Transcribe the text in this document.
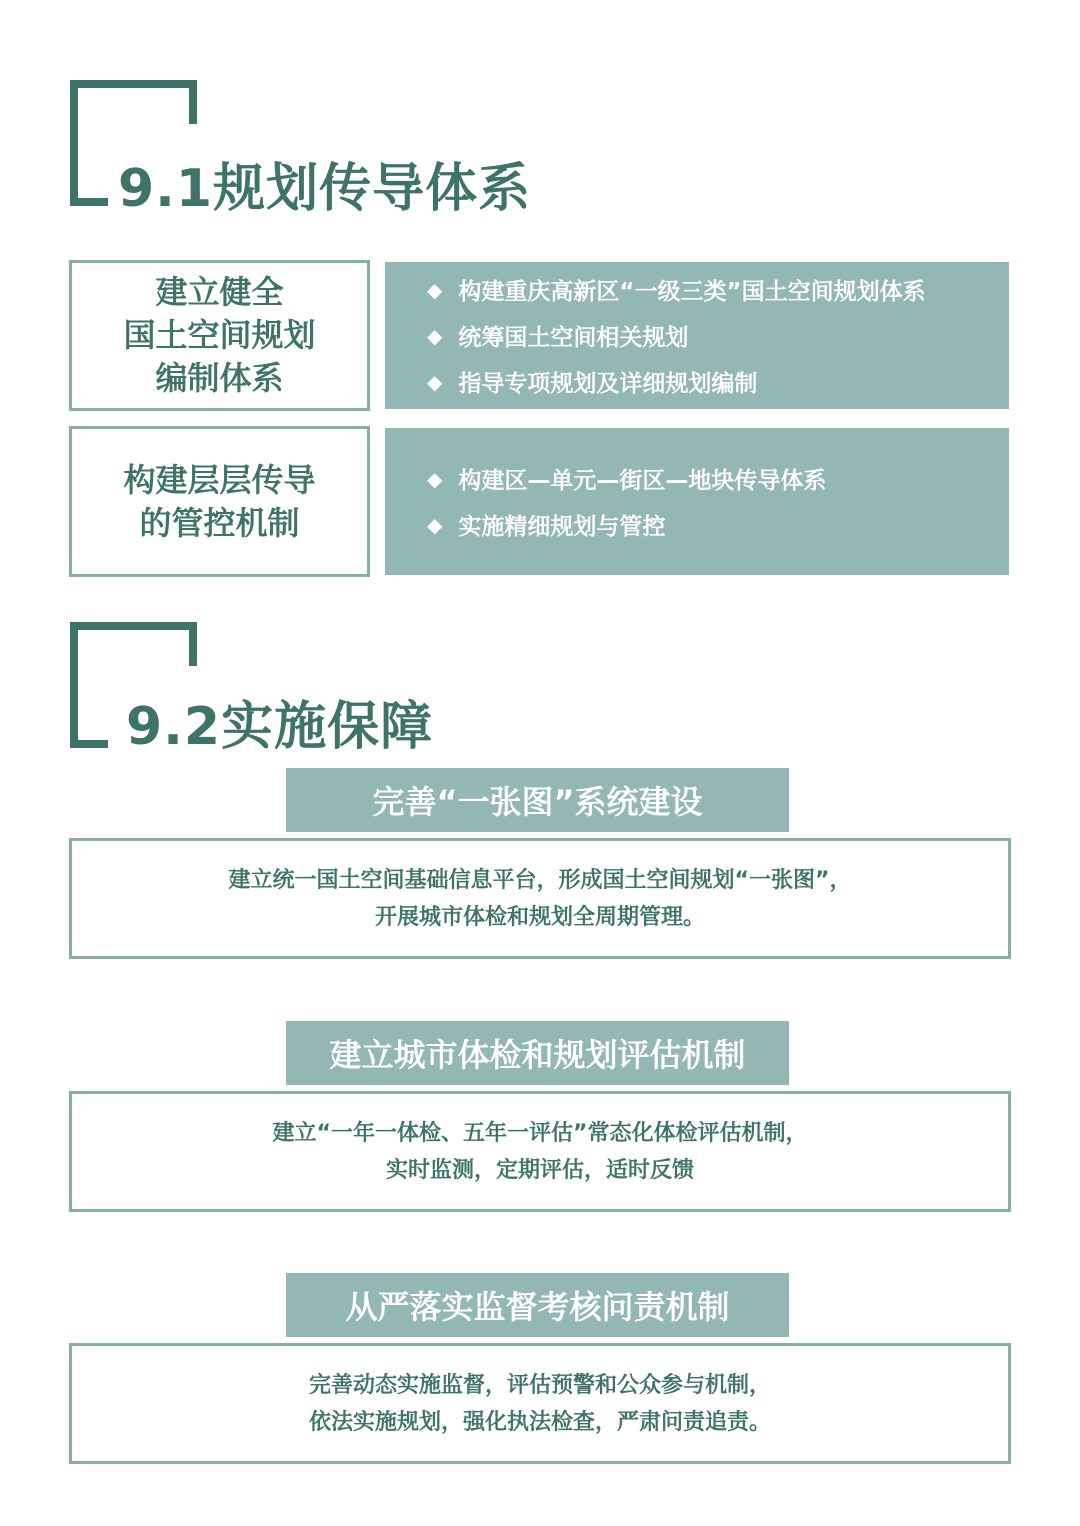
9.1规划传导体系
建立健全
国土空间规划
编制体系
◆ 构建重庆高新区“一级三类”国土空间规划体系
◆ 统筹国土空间相关规划
◆ 指导专项规划及详细规划编制
构建层层传导
的管控机制
◆ 构建区—单元—街区—地块传导体系
◆ 实施精细规划与管控
9.2实施保障
完善“一张图”系统建设
建立统一国土空间基础信息平台，形成国土空间规划“一张图”，
开展城市体检和规划全周期管理。
建立城市体检和规划评估机制
建立“一年一体检、五年一评估”常态化体检评估机制，
实时监测，定期评估，适时反馈
从严落实监督考核问责机制
完善动态实施监督，评估预警和公众参与机制，
依法实施规划，强化执法检查，严肃问责追责。
